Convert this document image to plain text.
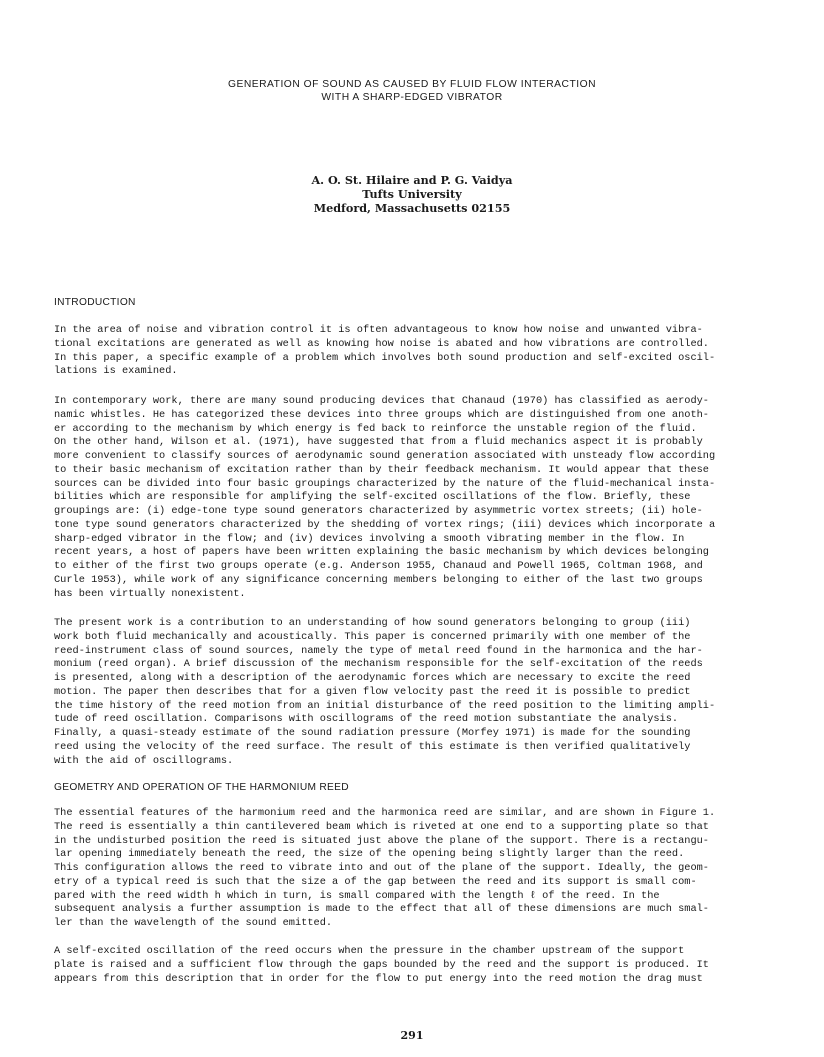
GENERATION OF SOUND AS CAUSED BY FLUID FLOW INTERACTION
WITH A SHARP-EDGED VIBRATOR
A. O. St. Hilaire and P. G. Vaidya
Tufts University
Medford, Massachusetts 02155
INTRODUCTION
In the area of noise and vibration control it is often advantageous to know how noise and unwanted vibra-
tional excitations are generated as well as knowing how noise is abated and how vibrations are controlled.
In this paper, a specific example of a problem which involves both sound production and self-excited oscil-
lations is examined.
In contemporary work, there are many sound producing devices that Chanaud (1970) has classified as aerody-
namic whistles. He has categorized these devices into three groups which are distinguished from one anoth-
er according to the mechanism by which energy is fed back to reinforce the unstable region of the fluid.
On the other hand, Wilson et al. (1971), have suggested that from a fluid mechanics aspect it is probably
more convenient to classify sources of aerodynamic sound generation associated with unsteady flow according
to their basic mechanism of excitation rather than by their feedback mechanism. It would appear that these
sources can be divided into four basic groupings characterized by the nature of the fluid-mechanical insta-
bilities which are responsible for amplifying the self-excited oscillations of the flow. Briefly, these
groupings are: (i) edge-tone type sound generators characterized by asymmetric vortex streets; (ii) hole-
tone type sound generators characterized by the shedding of vortex rings; (iii) devices which incorporate a
sharp-edged vibrator in the flow; and (iv) devices involving a smooth vibrating member in the flow. In
recent years, a host of papers have been written explaining the basic mechanism by which devices belonging
to either of the first two groups operate (e.g. Anderson 1955, Chanaud and Powell 1965, Coltman 1968, and
Curle 1953), while work of any significance concerning members belonging to either of the last two groups
has been virtually nonexistent.
The present work is a contribution to an understanding of how sound generators belonging to group (iii)
work both fluid mechanically and acoustically. This paper is concerned primarily with one member of the
reed-instrument class of sound sources, namely the type of metal reed found in the harmonica and the har-
monium (reed organ). A brief discussion of the mechanism responsible for the self-excitation of the reeds
is presented, along with a description of the aerodynamic forces which are necessary to excite the reed
motion. The paper then describes that for a given flow velocity past the reed it is possible to predict
the time history of the reed motion from an initial disturbance of the reed position to the limiting ampli-
tude of reed oscillation. Comparisons with oscillograms of the reed motion substantiate the analysis.
Finally, a quasi-steady estimate of the sound radiation pressure (Morfey 1971) is made for the sounding
reed using the velocity of the reed surface. The result of this estimate is then verified qualitatively
with the aid of oscillograms.
GEOMETRY AND OPERATION OF THE HARMONIUM REED
The essential features of the harmonium reed and the harmonica reed are similar, and are shown in Figure 1.
The reed is essentially a thin cantilevered beam which is riveted at one end to a supporting plate so that
in the undisturbed position the reed is situated just above the plane of the support. There is a rectangu-
lar opening immediately beneath the reed, the size of the opening being slightly larger than the reed.
This configuration allows the reed to vibrate into and out of the plane of the support. Ideally, the geom-
etry of a typical reed is such that the size a of the gap between the reed and its support is small com-
pared with the reed width h which in turn, is small compared with the length ℓ of the reed. In the
subsequent analysis a further assumption is made to the effect that all of these dimensions are much smal-
ler than the wavelength of the sound emitted.
A self-excited oscillation of the reed occurs when the pressure in the chamber upstream of the support
plate is raised and a sufficient flow through the gaps bounded by the reed and the support is produced. It
appears from this description that in order for the flow to put energy into the reed motion the drag must
291
